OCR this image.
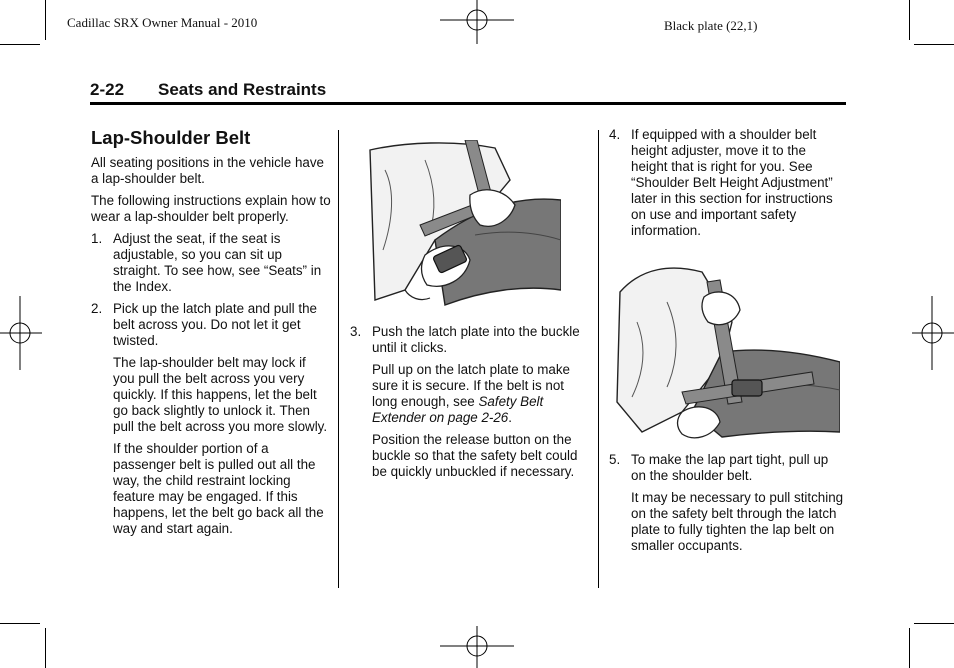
Cadillac SRX Owner Manual - 2010	Black plate (22,1)
2-22 Seats and Restraints
Lap-Shoulder Belt

All seating positions in the vehicle have a lap-shoulder belt.

The following instructions explain how to wear a lap-shoulder belt properly.

1. Adjust the seat, if the seat is adjustable, so you can sit up straight. To see how, see “Seats” in the Index.
2. Pick up the latch plate and pull the belt across you. Do not let it get twisted.

The lap-shoulder belt may lock if you pull the belt across you very quickly. If this happens, let the belt go back slightly to unlock it. Then pull the belt across you more slowly.

If the shoulder portion of a passenger belt is pulled out all the way, the child restraint locking feature may be engaged. If this happens, let the belt go back all the way and start again.

3. Push the latch plate into the buckle until it clicks.

Pull up on the latch plate to make sure it is secure. If the belt is not long enough, see Safety Belt Extender on page 2-26.

Position the release button on the buckle so that the safety belt could be quickly unbuckled if necessary.

4. If equipped with a shoulder belt height adjuster, move it to the height that is right for you. See “Shoulder Belt Height Adjustment” later in this section for instructions on use and important safety information.
5. To make the lap part tight, pull up on the shoulder belt.

It may be necessary to pull stitching on the safety belt through the latch plate to fully tighten the lap belt on smaller occupants.
